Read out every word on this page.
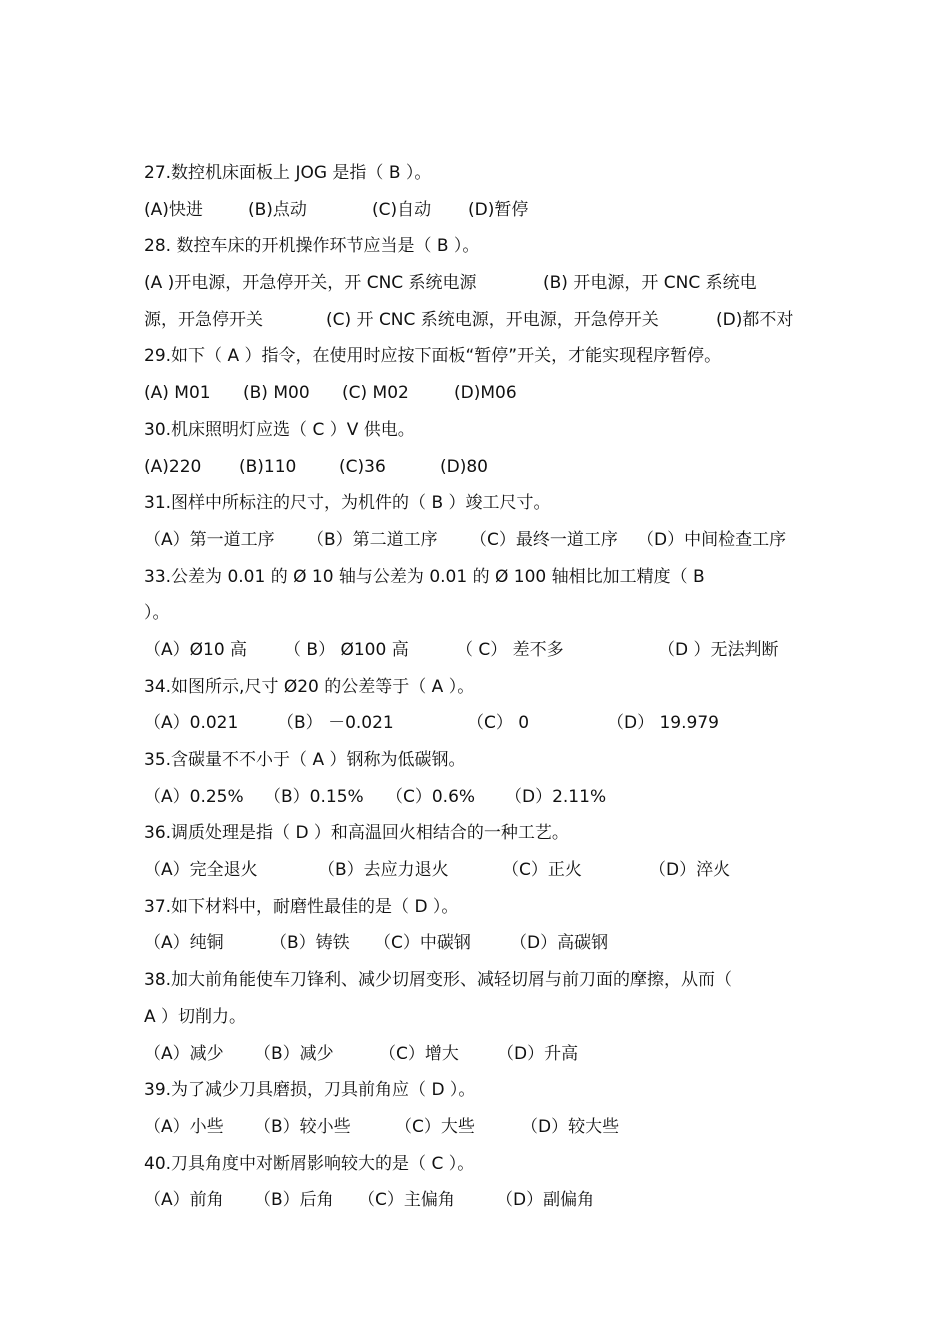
27.数控机床面板上 JOG 是指（ B ）。
(A)快进	(B)点动	(C)自动 (D)暂停
28. 数控车床的开机操作环节应当是（ B ）。
(A )开电源，开急停开关，开 CNC 系统电源	(B) 开电源，开 CNC 系统电
源，开急停开关	(C) 开 CNC 系统电源，开电源，开急停开关	(D)都不对
29.如下（ A ）指令，在使用时应按下面板“暂停”开关，才能实现程序暂停。
(A) M01 (B) M00 (C) M02	(D)M06
30.机床照明灯应选（ C ）V 供电。
(A)220 (B)110	(C)36	(D)80
31.图样中所标注的尺寸，为机件的（ B ）竣工尺寸。
（A）第一道工序 （B）第二道工序 （C）最终一道工序 （D）中间检查工序
33.公差为 0.01 的 Ø 10 轴与公差为 0.01 的 Ø 100 轴相比加工精度（ B
）。
（A）Ø10 高 （ B） Ø100 高	（ C） 差不多	（D ）无法判断
34.如图所示,尺寸 Ø20 的公差等于（ A ）。
（A）0.021 （B） －0.021	（C） 0	（D） 19.979
35.含碳量不不小于（ A ）钢称为低碳钢。
（A）0.25% （B）0.15% （C）0.6% （D）2.11%
36.调质处理是指（ D ）和高温回火相结合的一种工艺。
（A）完全退火	（B）去应力退火	（C）正火	（D）淬火
37.如下材料中，耐磨性最佳的是（ D ）。
（A）纯铜	（B）铸铁 （C）中碳钢 （D）高碳钢
38.加大前角能使车刀锋利、减少切屑变形、减轻切屑与前刀面的摩擦，从而（
A ）切削力。
（A）减少 （B）减少	（C）增大 （D）升高
39.为了减少刀具磨损，刀具前角应（ D ）。
（A）小些 （B）较小些	（C）大些	（D）较大些
40.刀具角度中对断屑影响较大的是（ C ）。
（A）前角 （B）后角 （C）主偏角 （D）副偏角
